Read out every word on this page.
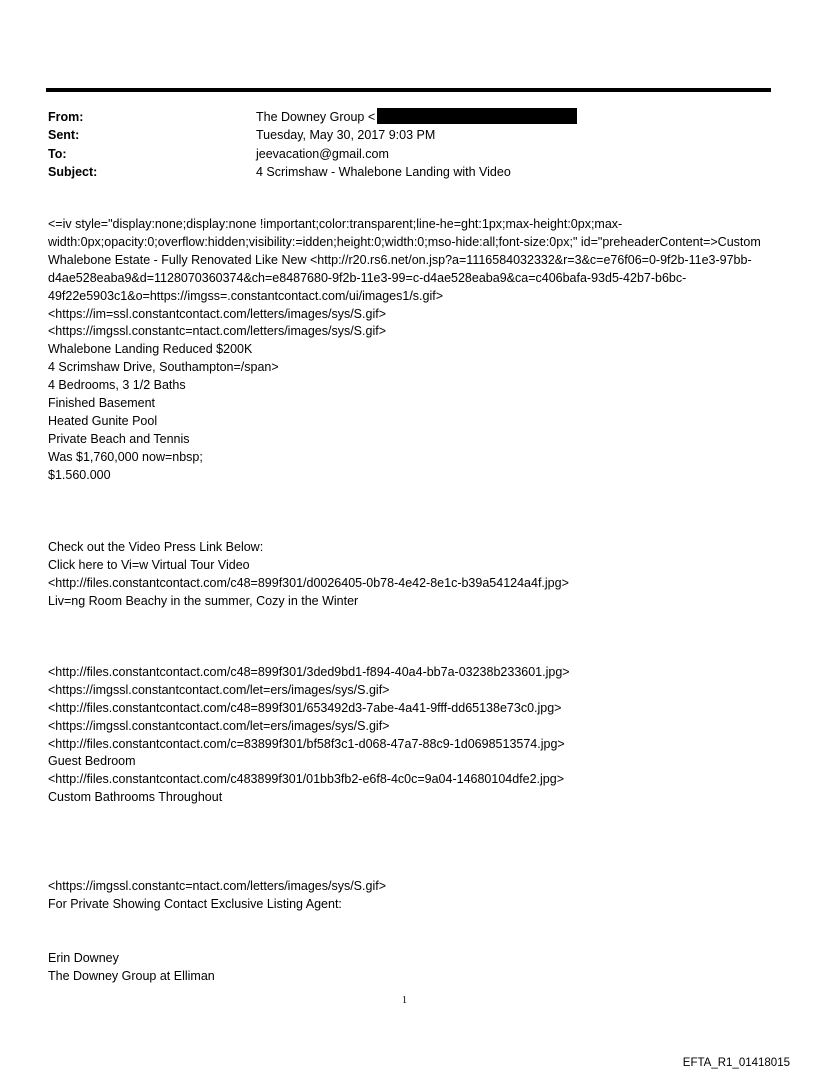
From:	The Downey Group <
Sent:	Tuesday, May 30, 2017 9:03 PM
To:	jeevacation@gmail.com
Subject:	4 Scrimshaw - Whalebone Landing with Video
<=iv style="display:none;display:none !important;color:transparent;line-he=ght:1px;max-height:0px;max-width:0px;opacity:0;overflow:hidden;visibility:=idden;height:0;width:0;mso-hide:all;font-size:0px;" id="preheaderContent=>Custom Whalebone Estate - Fully Renovated Like New <http://r20.rs6.net/on.jsp?a=1116584032332&r=3&c=e76f06=0-9f2b-11e3-97bb-d4ae528eaba9&d=1128070360374&ch=e8487680-9f2b-11e3-99=c-d4ae528eaba9&ca=c406bafa-93d5-42b7-b6bc-49f22e5903c1&o=https://imgss=.constantcontact.com/ui/images1/s.gif>
<https://im=ssl.constantcontact.com/letters/images/sys/S.gif>
<https://imgssl.constantc=ntact.com/letters/images/sys/S.gif>
Whalebone Landing Reduced $200K
4 Scrimshaw Drive, Southampton=/span>
4 Bedrooms, 3 1/2 Baths
Finished Basement
Heated Gunite Pool
Private Beach and Tennis
Was $1,760,000 now=nbsp;
$1.560.000
Check out the Video Press Link Below:
Click here to Vi=w Virtual Tour Video
<http://files.constantcontact.com/c48=899f301/d0026405-0b78-4e42-8e1c-b39a54124a4f.jpg>
Liv=ng Room Beachy in the summer, Cozy in the Winter
<http://files.constantcontact.com/c48=899f301/3ded9bd1-f894-40a4-bb7a-03238b233601.jpg>
<https://imgssl.constantcontact.com/let=ers/images/sys/S.gif>
<http://files.constantcontact.com/c48=899f301/653492d3-7abe-4a41-9fff-dd65138e73c0.jpg>
<https://imgssl.constantcontact.com/let=ers/images/sys/S.gif>
<http://files.constantcontact.com/c=83899f301/bf58f3c1-d068-47a7-88c9-1d0698513574.jpg>
Guest Bedroom
<http://files.constantcontact.com/c483899f301/01bb3fb2-e6f8-4c0c=9a04-14680104dfe2.jpg>
Custom Bathrooms Throughout
<https://imgssl.constantc=ntact.com/letters/images/sys/S.gif>
For Private Showing Contact Exclusive Listing Agent:
Erin Downey
The Downey Group at Elliman
1
EFTA_R1_01418015
